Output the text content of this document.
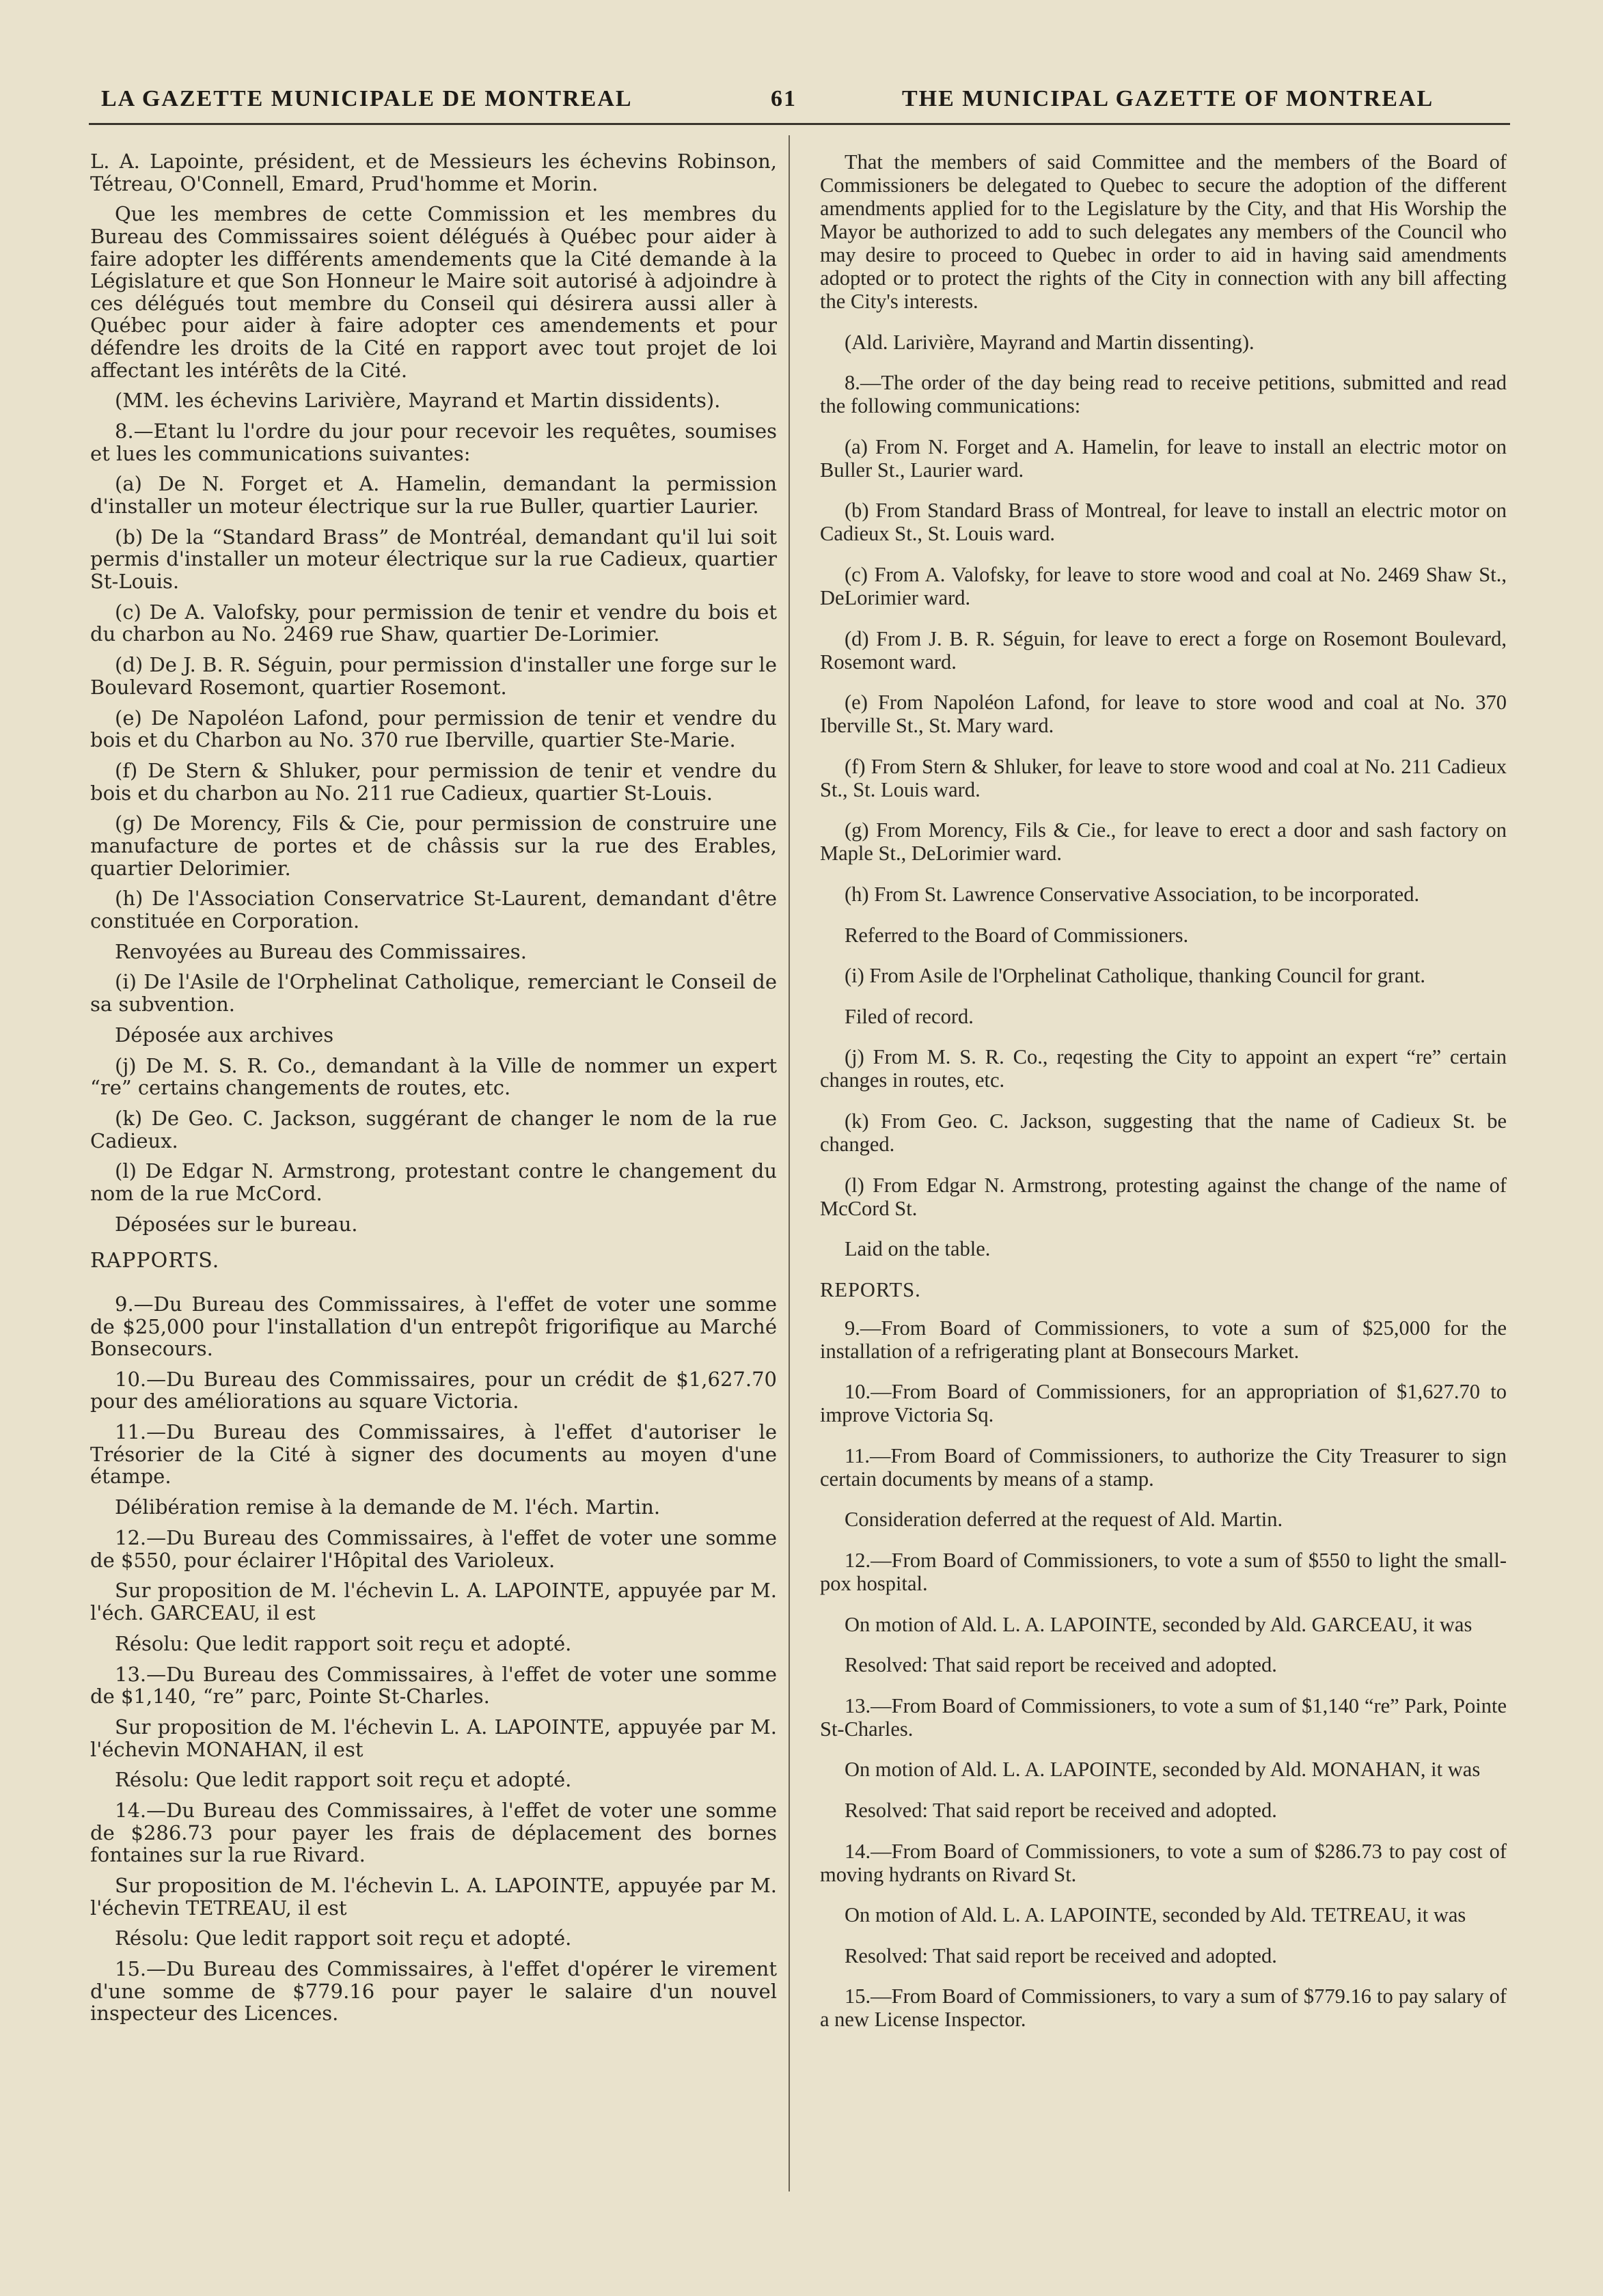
LA GAZETTE MUNICIPALE DE MONTREAL	61	THE MUNICIPAL GAZETTE OF MONTREAL

L. A. Lapointe, président, et de Messieurs les échevins Robinson, Tétreau, O'Connell, Emard, Prud'homme et Morin.

Que les membres de cette Commission et les membres du Bureau des Commissaires soient délégués à Québec pour aider à faire adopter les différents amendements que la Cité demande à la Législature et que Son Honneur le Maire soit autorisé à adjoindre à ces délégués tout membre du Conseil qui désirera aussi aller à Québec pour aider à faire adopter ces amendements et pour défendre les droits de la Cité en rapport avec tout projet de loi affectant les intérêts de la Cité.

(MM. les échevins Larivière, Mayrand et Martin dissidents).

8.—Etant lu l'ordre du jour pour recevoir les requêtes, soumises et lues les communications suivantes:

(a) De N. Forget et A. Hamelin, demandant la permission d'installer un moteur électrique sur la rue Buller, quartier Laurier.

(b) De la “Standard Brass” de Montréal, demandant qu'il lui soit permis d'installer un moteur électrique sur la rue Cadieux, quartier St-Louis.

(c) De A. Valofsky, pour permission de tenir et vendre du bois et du charbon au No. 2469 rue Shaw, quartier De-Lorimier.

(d) De J. B. R. Séguin, pour permission d'installer une forge sur le Boulevard Rosemont, quartier Rosemont.

(e) De Napoléon Lafond, pour permission de tenir et vendre du bois et du Charbon au No. 370 rue Iberville, quartier Ste-Marie.

(f) De Stern & Shluker, pour permission de tenir et vendre du bois et du charbon au No. 211 rue Cadieux, quartier St-Louis.

(g) De Morency, Fils & Cie, pour permission de construire une manufacture de portes et de châssis sur la rue des Erables, quartier Delorimier.

(h) De l'Association Conservatrice St-Laurent, demandant d'être constituée en Corporation.

Renvoyées au Bureau des Commissaires.

(i) De l'Asile de l'Orphelinat Catholique, remerciant le Conseil de sa subvention.

Déposée aux archives

(j) De M. S. R. Co., demandant à la Ville de nommer un expert “re” certains changements de routes, etc.

(k) De Geo. C. Jackson, suggérant de changer le nom de la rue Cadieux.

(l) De Edgar N. Armstrong, protestant contre le changement du nom de la rue McCord.

Déposées sur le bureau.

RAPPORTS.

9.—Du Bureau des Commissaires, à l'effet de voter une somme de $25,000 pour l'installation d'un entrepôt frigorifique au Marché Bonsecours.

10.—Du Bureau des Commissaires, pour un crédit de $1,627.70 pour des améliorations au square Victoria.

11.—Du Bureau des Commissaires, à l'effet d'autoriser le Trésorier de la Cité à signer des documents au moyen d'une étampe.

Délibération remise à la demande de M. l'éch. Martin.

12.—Du Bureau des Commissaires, à l'effet de voter une somme de $550, pour éclairer l'Hôpital des Varioleux.

Sur proposition de M. l'échevin L. A. LAPOINTE, appuyée par M. l'éch. GARCEAU, il est

Résolu: Que ledit rapport soit reçu et adopté.

13.—Du Bureau des Commissaires, à l'effet de voter une somme de $1,140, “re” parc, Pointe St-Charles.

Sur proposition de M. l'échevin L. A. LAPOINTE, appuyée par M. l'échevin MONAHAN, il est

Résolu: Que ledit rapport soit reçu et adopté.

14.—Du Bureau des Commissaires, à l'effet de voter une somme de $286.73 pour payer les frais de déplacement des bornes fontaines sur la rue Rivard.

Sur proposition de M. l'échevin L. A. LAPOINTE, appuyée par M. l'échevin TETREAU, il est

Résolu: Que ledit rapport soit reçu et adopté.

15.—Du Bureau des Commissaires, à l'effet d'opérer le virement d'une somme de $779.16 pour payer le salaire d'un nouvel inspecteur des Licences.

That the members of said Committee and the members of the Board of Commissioners be delegated to Quebec to secure the adoption of the different amendments applied for to the Legislature by the City, and that His Worship the Mayor be authorized to add to such delegates any members of the Council who may desire to proceed to Quebec in order to aid in having said amendments adopted or to protect the rights of the City in connection with any bill affecting the City's interests.

(Ald. Larivière, Mayrand and Martin dissenting).

8.—The order of the day being read to receive petitions, submitted and read the following communications:

(a) From N. Forget and A. Hamelin, for leave to install an electric motor on Buller St., Laurier ward.

(b) From Standard Brass of Montreal, for leave to install an electric motor on Cadieux St., St. Louis ward.

(c) From A. Valofsky, for leave to store wood and coal at No. 2469 Shaw St., DeLorimier ward.

(d) From J. B. R. Séguin, for leave to erect a forge on Rosemont Boulevard, Rosemont ward.

(e) From Napoléon Lafond, for leave to store wood and coal at No. 370 Iberville St., St. Mary ward.

(f) From Stern & Shluker, for leave to store wood and coal at No. 211 Cadieux St., St. Louis ward.

(g) From Morency, Fils & Cie., for leave to erect a door and sash factory on Maple St., DeLorimier ward.

(h) From St. Lawrence Conservative Association, to be incorporated.

Referred to the Board of Commissioners.

(i) From Asile de l'Orphelinat Catholique, thanking Council for grant.

Filed of record.

(j) From M. S. R. Co., reqesting the City to appoint an expert “re” certain changes in routes, etc.

(k) From Geo. C. Jackson, suggesting that the name of Cadieux St. be changed.

(l) From Edgar N. Armstrong, protesting against the change of the name of McCord St.

Laid on the table.

REPORTS.

9.—From Board of Commissioners, to vote a sum of $25,000 for the installation of a refrigerating plant at Bonsecours Market.

10.—From Board of Commissioners, for an appropriation of $1,627.70 to improve Victoria Sq.

11.—From Board of Commissioners, to authorize the City Treasurer to sign certain documents by means of a stamp.

Consideration deferred at the request of Ald. Martin.

12.—From Board of Commissioners, to vote a sum of $550 to light the small-pox hospital.

On motion of Ald. L. A. LAPOINTE, seconded by Ald. GARCEAU, it was

Resolved: That said report be received and adopted.

13.—From Board of Commissioners, to vote a sum of $1,140 “re” Park, Pointe St-Charles.

On motion of Ald. L. A. LAPOINTE, seconded by Ald. MONAHAN, it was

Resolved: That said report be received and adopted.

14.—From Board of Commissioners, to vote a sum of $286.73 to pay cost of moving hydrants on Rivard St.

On motion of Ald. L. A. LAPOINTE, seconded by Ald. TETREAU, it was

Resolved: That said report be received and adopted.

15.—From Board of Commissioners, to vary a sum of $779.16 to pay salary of a new License Inspector.
